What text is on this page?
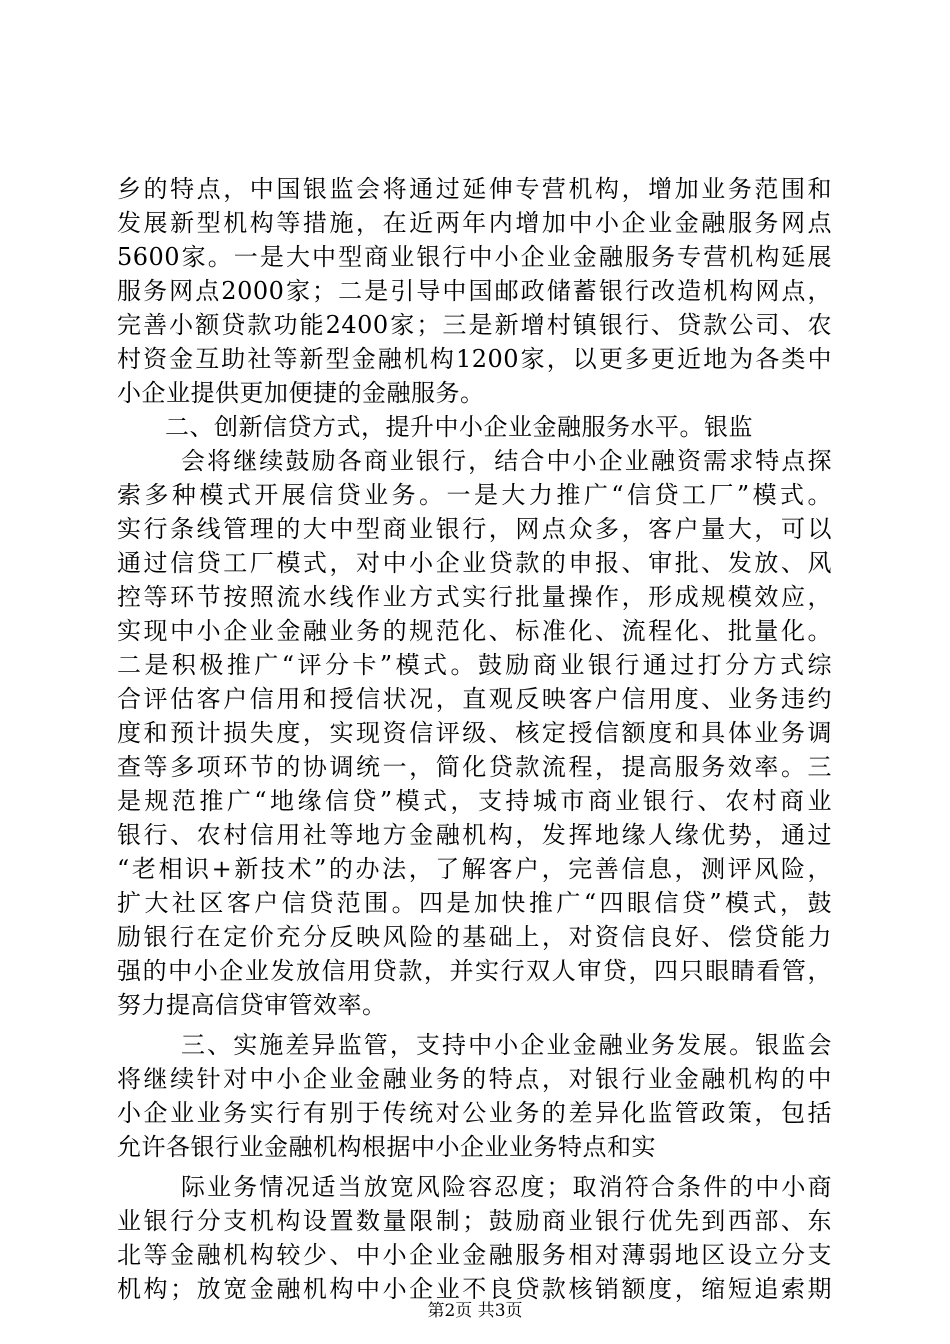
乡的特点，中国银监会将通过延伸专营机构，增加业务范围和

发展新型机构等措施，在近两年内增加中小企业金融服务网点

5600家。一是大中型商业银行中小企业金融服务专营机构延展

服务网点2000家；二是引导中国邮政储蓄银行改造机构网点，

完善小额贷款功能2400家；三是新增村镇银行、贷款公司、农

村资金互助社等新型金融机构1200家，以更多更近地为各类中

小企业提供更加便捷的金融服务。

二、创新信贷方式，提升中小企业金融服务水平。银监

会将继续鼓励各商业银行，结合中小企业融资需求特点探

索多种模式开展信贷业务。一是大力推广“信贷工厂”模式。

实行条线管理的大中型商业银行，网点众多，客户量大，可以

通过信贷工厂模式，对中小企业贷款的申报、审批、发放、风

控等环节按照流水线作业方式实行批量操作，形成规模效应，

实现中小企业金融业务的规范化、标准化、流程化、批量化。

二是积极推广“评分卡”模式。鼓励商业银行通过打分方式综

合评估客户信用和授信状况，直观反映客户信用度、业务违约

度和预计损失度，实现资信评级、核定授信额度和具体业务调

查等多项环节的协调统一，简化贷款流程，提高服务效率。三

是规范推广“地缘信贷”模式，支持城市商业银行、农村商业

银行、农村信用社等地方金融机构，发挥地缘人缘优势，通过

“老相识+新技术”的办法，了解客户，完善信息，测评风险，

扩大社区客户信贷范围。四是加快推广“四眼信贷”模式，鼓

励银行在定价充分反映风险的基础上，对资信良好、偿贷能力

强的中小企业发放信用贷款，并实行双人审贷，四只眼睛看管，

努力提高信贷审管效率。

三、实施差异监管，支持中小企业金融业务发展。银监会

将继续针对中小企业金融业务的特点，对银行业金融机构的中

小企业业务实行有别于传统对公业务的差异化监管政策，包括

允许各银行业金融机构根据中小企业业务特点和实

际业务情况适当放宽风险容忍度；取消符合条件的中小商

业银行分支机构设置数量限制；鼓励商业银行优先到西部、东

北等金融机构较少、中小企业金融服务相对薄弱地区设立分支

机构；放宽金融机构中小企业不良贷款核销额度，缩短追索期

第2页 共3页
